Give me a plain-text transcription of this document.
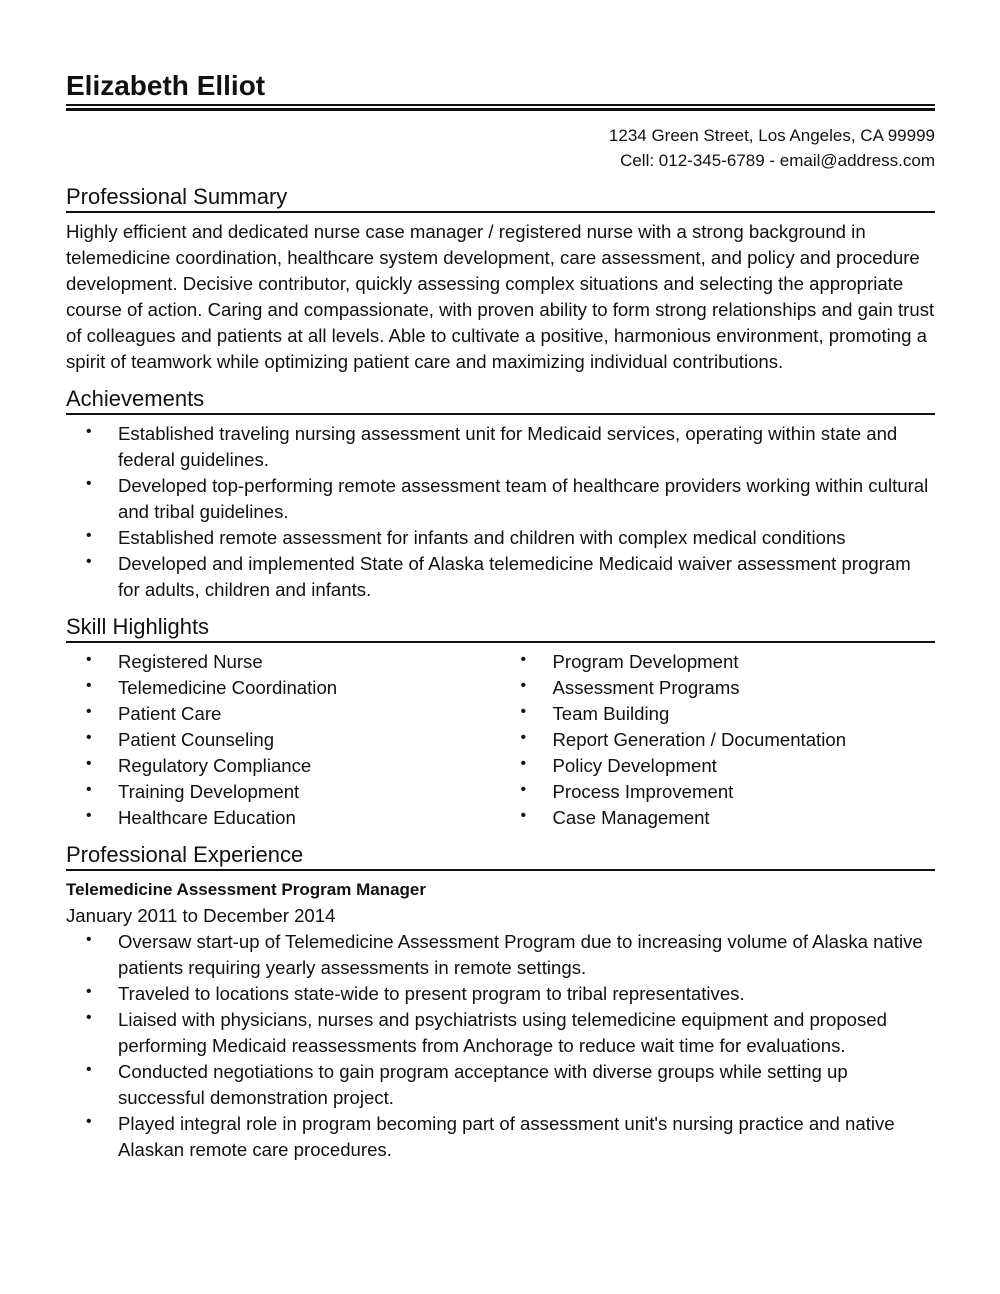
Elizabeth Elliot
1234 Green Street, Los Angeles, CA 99999
Cell: 012-345-6789 - email@address.com
Professional Summary
Highly efficient and dedicated nurse case manager / registered nurse with a strong background in telemedicine coordination, healthcare system development, care assessment, and policy and procedure development. Decisive contributor, quickly assessing complex situations and selecting the appropriate course of action. Caring and compassionate, with proven ability to form strong relationships and gain trust of colleagues and patients at all levels. Able to cultivate a positive, harmonious environment, promoting a spirit of teamwork while optimizing patient care and maximizing individual contributions.
Achievements
• Established traveling nursing assessment unit for Medicaid services, operating within state and federal guidelines.
• Developed top-performing remote assessment team of healthcare providers working within cultural and tribal guidelines.
• Established remote assessment for infants and children with complex medical conditions
• Developed and implemented State of Alaska telemedicine Medicaid waiver assessment program for adults, children and infants.
Skill Highlights
• Registered Nurse
• Telemedicine Coordination
• Patient Care
• Patient Counseling
• Regulatory Compliance
• Training Development
• Healthcare Education
• Program Development
• Assessment Programs
• Team Building
• Report Generation / Documentation
• Policy Development
• Process Improvement
• Case Management
Professional Experience
Telemedicine Assessment Program Manager
January 2011 to December 2014
• Oversaw start-up of Telemedicine Assessment Program due to increasing volume of Alaska native patients requiring yearly assessments in remote settings.
• Traveled to locations state-wide to present program to tribal representatives.
• Liaised with physicians, nurses and psychiatrists using telemedicine equipment and proposed performing Medicaid reassessments from Anchorage to reduce wait time for evaluations.
• Conducted negotiations to gain program acceptance with diverse groups while setting up successful demonstration project.
• Played integral role in program becoming part of assessment unit's nursing practice and native Alaskan remote care procedures.
